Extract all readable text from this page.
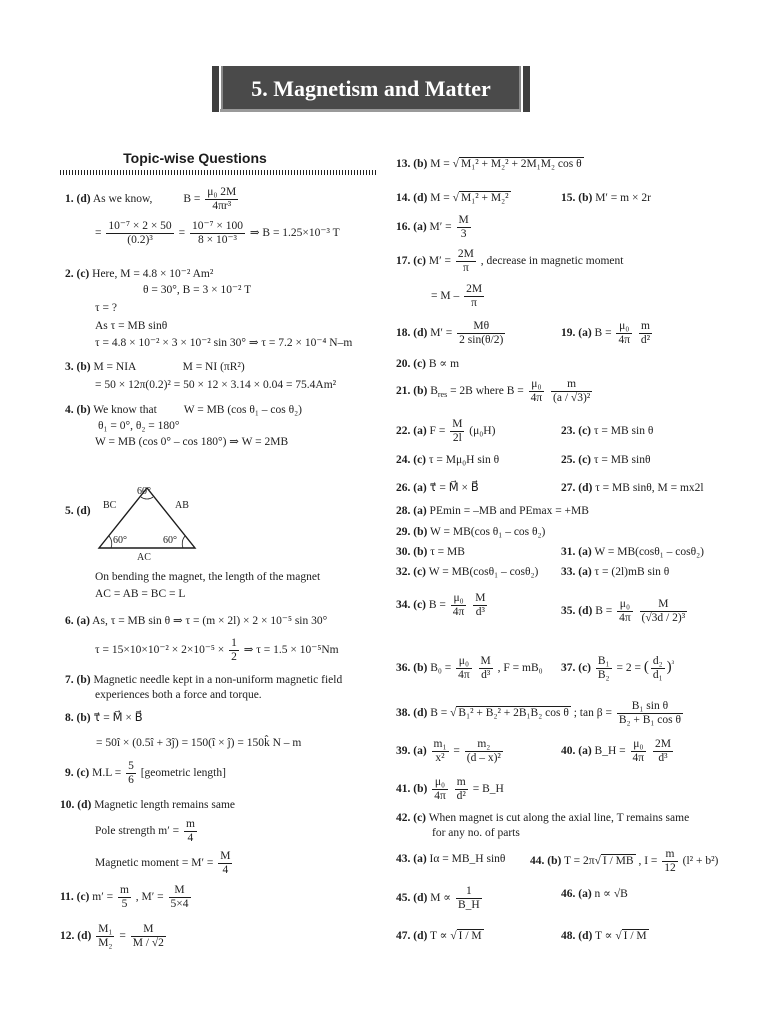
5. Magnetism and Matter
Topic-wise Questions
1. (d) As we know,	$B = \frac{\text{μ₀ 2M}}{\text{4πr³}}$
= $\frac{\text{10⁻⁷ × 2 × 50}}{\text{(0.2)³}} = \frac{\text{10⁻⁷ × 100}}{\text{8 × 10⁻³}}$ ⇒ B = 1.25×10⁻³ T
2. (c) Here, M = 4.8 × 10⁻² Am²
θ = 30°, B = 3 × 10⁻² T
τ = ?
As τ = MB sinθ
τ = 4.8 × 10⁻² × 3 × 10⁻² sin 30° ⇒ τ = 7.2 × 10⁻⁴ N–m
3. (b) M = NIA	M = NI (πR²)
= 50 × 12π(0.2)² = 50 × 12 × 3.14 × 0.04 = 75.4Am²
4. (b) We know that W = MB (cos θ₁ – cos θ₂)
θ₁ = 0°, θ₂ = 180°
W = MB (cos 0° – cos 180°) ⇒ W = 2MB
5. (d)
60°
60°	60°
BC	AB
AC
On bending the magnet, the length of the magnet
AC = AB = BC = L
6. (a) As, τ = MB sin θ ⇒ τ = (m × 2l) × 2 × 10⁻⁵ sin 30°
$\tau = 15\times 10\times 10^{-2} \times 2\times 10^{-5} \times \frac{1}{2}$ ⇒ τ = 1.5 × 10⁻⁵Nm
7. (b) Magnetic needle kept in a non-uniform magnetic field
experiences both a force and torque.
8. (b) τ⃗ = M⃗ × B⃗
= 50î × (0.5î + 3ĵ) = 150(î × ĵ) = 150k̂ N – m
9. (c) $M.L = \frac{5}{6}$ [geometric length]
10. (d) Magnetic length remains same
Pole strength $m' = \frac{m}{4}$
Magnetic moment = $M' = \frac{M}{4}$
11. (c) $m' = \frac{m}{5}$ , $M' = \frac{M}{5\times 4}$
12. $(d) \frac{\text{M₁}}{\text{M₂}} = \frac{M}{M / √2}$
13. (b) M = √ M₁² + M₂² + 2M₁M₂ cos θ
14. (d) M = √ M₁² + M₂²	15. (b) M′ = m × 2r
16. (a) $M' = \frac{M}{3}$
17. (c) $M' = \frac{2M}{\pi}$ , decrease in magnetic moment
= M – $\frac{2M}{\pi}$
18. (d) $M' = \frac{M\theta}{2 \sin(\theta/2)}$	19. (a) $B = \frac{\text{μ₀}}{4\pi}$
$\frac{m}{\text{d²}}$
20. (c) B ∝ m
21. (b) $B_{res} = 2B$ where $B = \frac{\text{μ₀}}{4\pi}$
$\frac{m}{\text{(a / √3)²}}$
22. (a) $F = \frac{M}{2l} (\mu_0H)$	23. (c) τ = MB sin θ
24. (c) τ = Mμ₀H sin θ	25. (c) τ = MB sinθ
26. (a) τ⃗ = M⃗ × B⃗	27. (d) τ = MB sinθ, M = mx2l
28. (a) PEmin = –MB and PEmax = +MB
29. (b) W = MB(cos θ₁ – cos θ₂)
30. (b) τ = MB	31. (a) W = MB(cosθ₁ – cosθ₂)
32. (c) W = MB(cosθ₁ – cosθ₂) 33. (a) τ = (2l)mB sin θ
34. (c) $B = \frac{\text{μ₀}}{4\pi}$
$\frac{M}{\text{d³}}$	35. (d) $B = \frac{\text{μ₀}}{4\pi}$
$\frac{M}{\text{(√3d / 2)³}}$
36. (b) $B_0 = \frac{\text{μ₀}}{4\pi}$
$\frac{M}{\text{d³}}$ , F = mB₀ 37. $(c) \frac{\text{B₁}}{\text{B₂}} = 2$ = ( $\frac{\text{d₂}}{\text{d₁}} )^{^3}$
38. (d) B = √ B₁² + B₂² + 2B₁B₂ cos θ ; $\tan \beta = \frac{\text{B₁ sin θ}}{\text{B₂ + B₁ cos θ}}$
39. $(a) \frac{\text{m₁}}{\text{x²}} = \frac{\text{m₂}}{\text{(d – x)²}}$	40. (a) B_H = $\frac{\text{μ₀}}{4\pi}$
$\frac{2M}{\text{d³}}$
41. $(b) \frac{\text{μ₀}}{4\pi}$
$\frac{m}{\text{d²}}$ = B_H
42. (c) When magnet is cut along the axial line, T remains same
for any no. of parts
43. (a) Iα = MB_H sinθ 44. (b) T = 2π√ I / MB , $I = \frac{m}{12} (l^2 + b^2)$
45. (d) $M \propto \frac{1}{B\_H}$	46. (a) n ∝ √B
47. (d) T ∝ √ I / M	48. (d) T ∝ √ I / M
